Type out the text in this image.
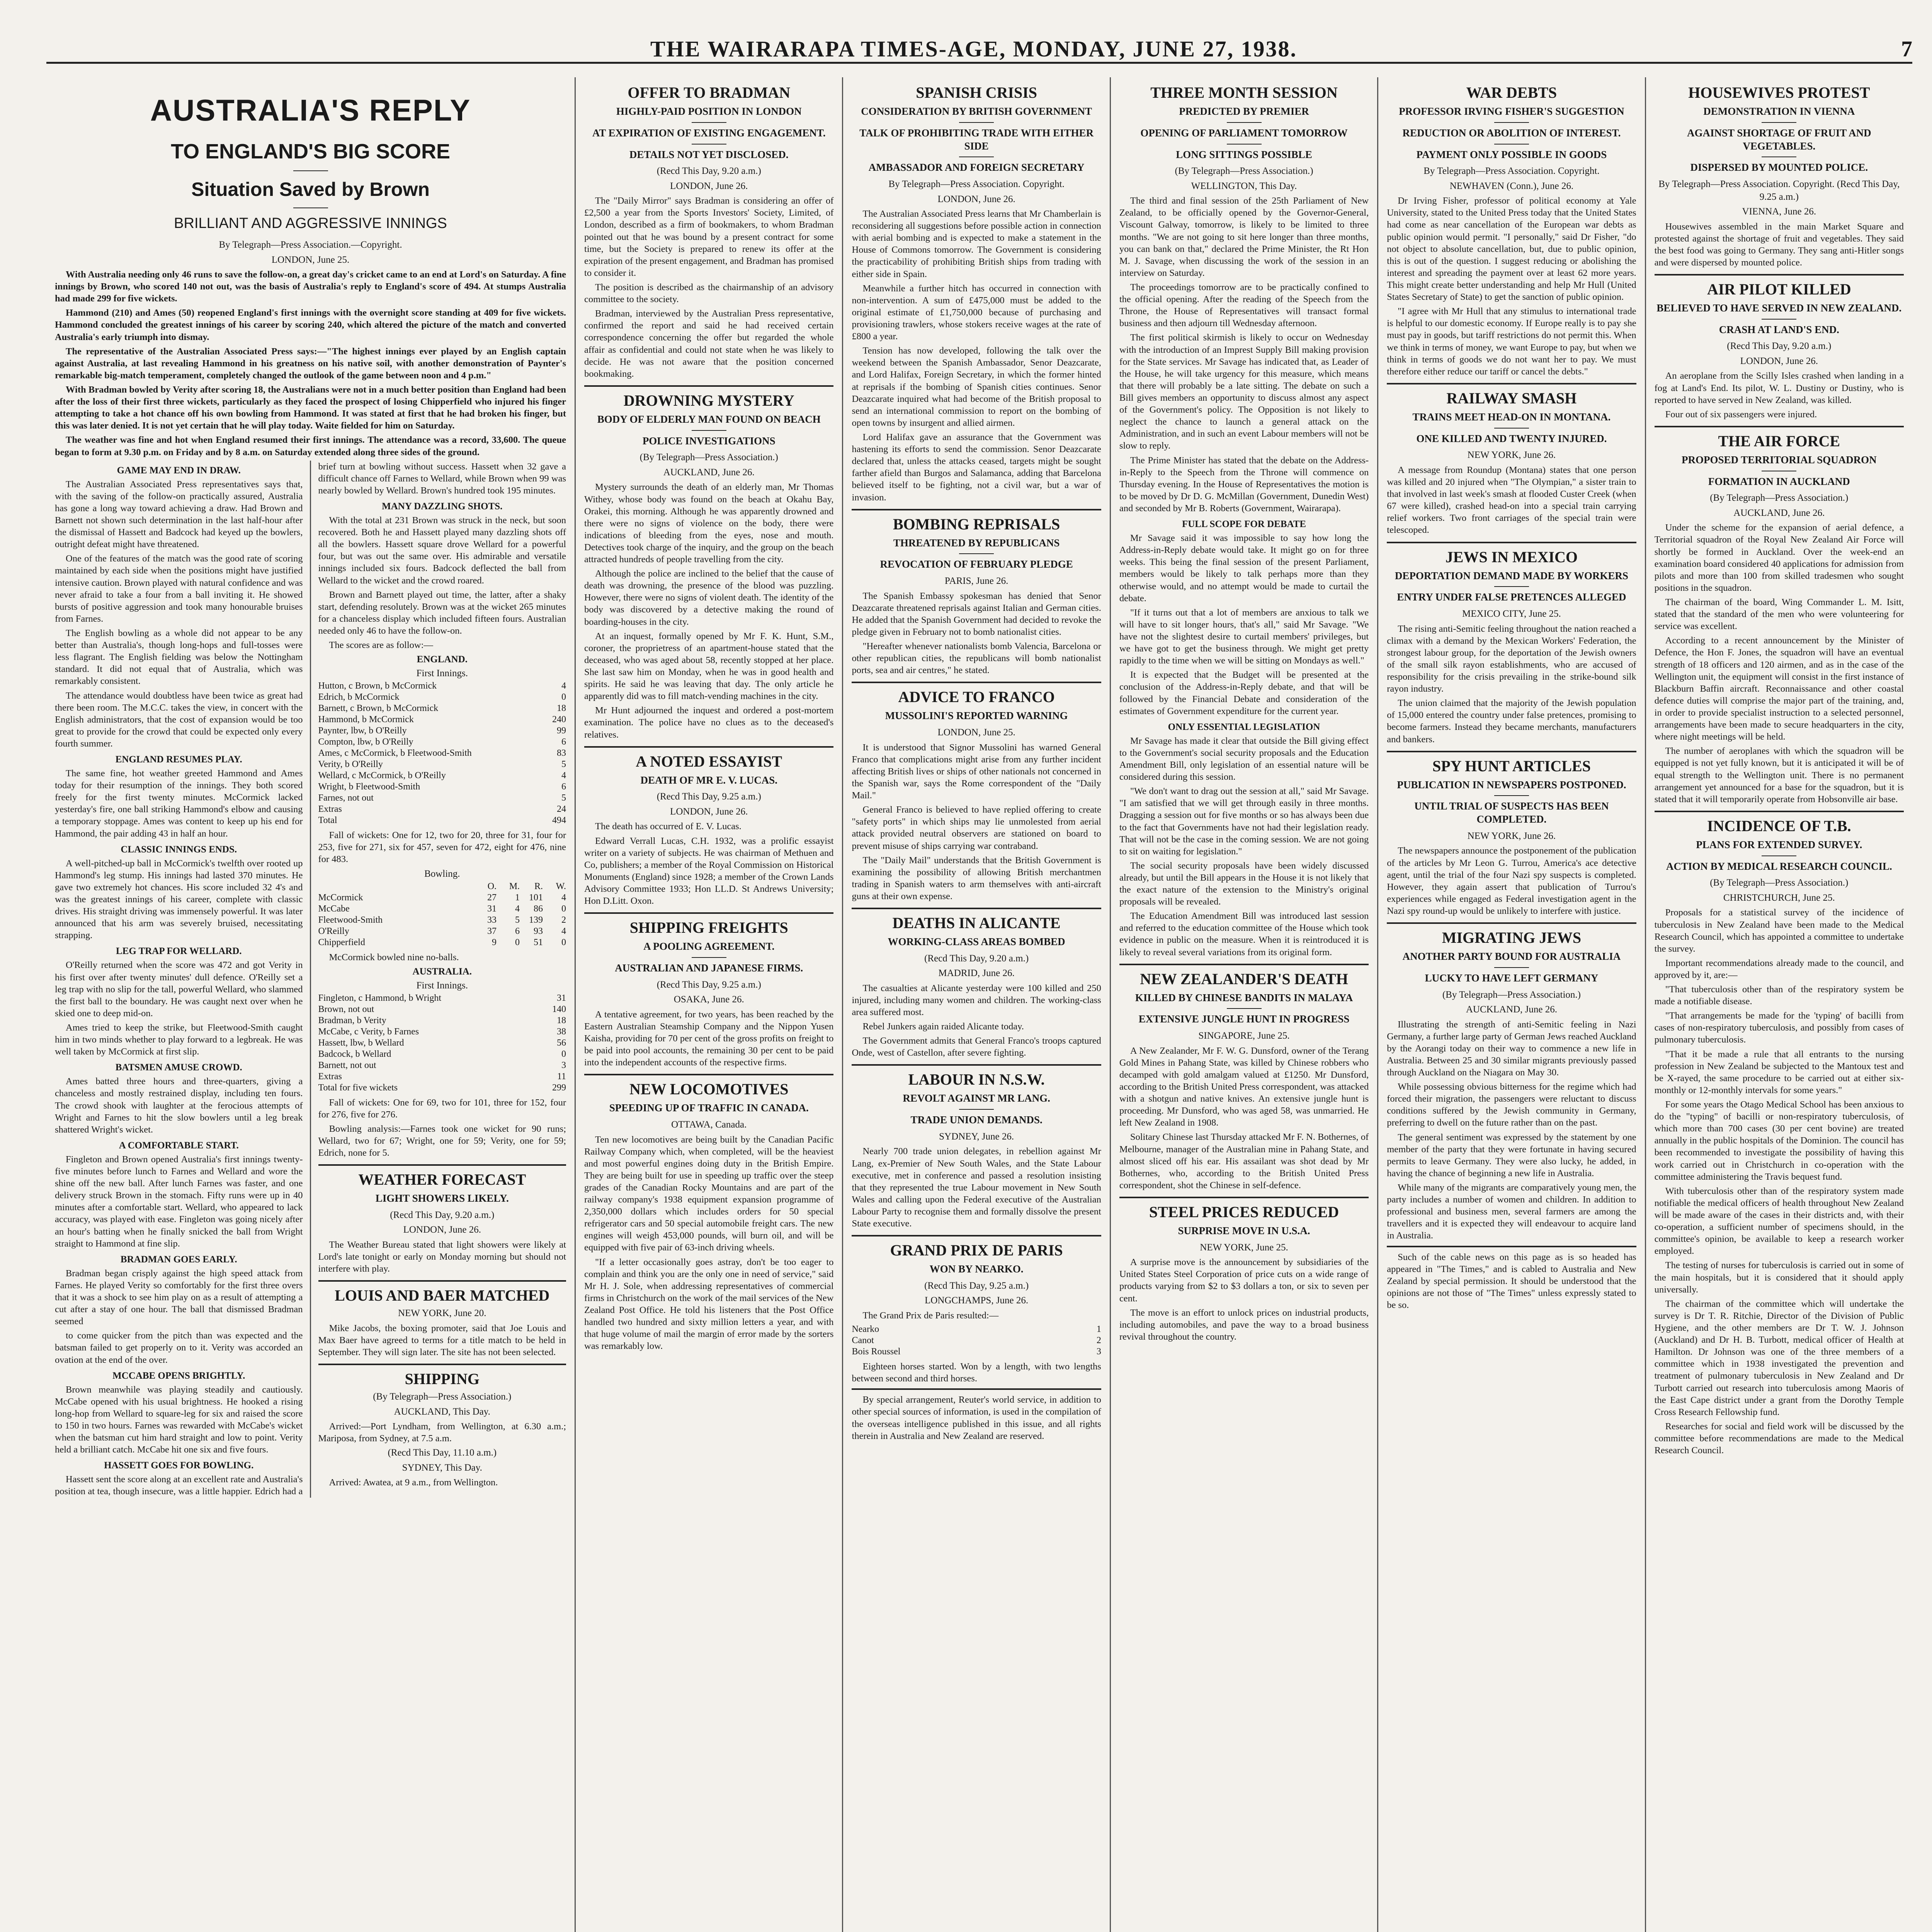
THE WAIRARAPA TIMES-AGE, MONDAY, JUNE 27, 1938.	7
AUSTRALIA'S REPLY
TO ENGLAND'S BIG SCORE
Situation Saved by Brown
BRILLIANT AND AGGRESSIVE INNINGS
By Telegraph—Press Association.—Copyright.
LONDON, June 25.

With Australia needing only 46 runs to save the follow-on, a great day's cricket came to an end at Lord's on Saturday. A fine innings by Brown, who scored 140 not out, was the basis of Australia's reply to England's score of 494. At stumps Australia had made 299 for five wickets.

Hammond (210) and Ames (50) reopened England's first innings with the overnight score standing at 409 for five wickets. Hammond concluded the greatest innings of his career by scoring 240, which altered the picture of the match and converted Australia's early triumph into dismay.

The representative of the Australian Associated Press says:—"The highest innings ever played by an English captain against Australia, at last revealing Hammond in his greatness on his native soil, with another demonstration of Paynter's remarkable big-match temperament, completely changed the outlook of the game between noon and 4 p.m."

With Bradman bowled by Verity after scoring 18, the Australians were not in a much better position than England had been after the loss of their first three wickets, particularly as they faced the prospect of losing Chipperfield who injured his finger attempting to take a hot chance off his own bowling from Hammond. It was stated at first that he had broken his finger, but this was later denied. It is not yet certain that he will play today. Waite fielded for him on Saturday.

The weather was fine and hot when England resumed their first innings. The attendance was a record, 33,600. The queue began to form at 9.30 p.m. on Friday and by 8 a.m. on Saturday extended along three sides of the ground.

GAME MAY END IN DRAW.

The Australian Associated Press representatives says that, with the saving of the follow-on practically assured, Australia has gone a long way toward achieving a draw. Had Brown and Barnett not shown such determination in the last half-hour after the dismissal of Hassett and Badcock had keyed up the bowlers, outright defeat might have threatened.

One of the features of the match was the good rate of scoring maintained by each side when the positions might have justified intensive caution. Brown played with natural confidence and was never afraid to take a four from a ball inviting it. He showed bursts of positive aggression and took many honourable bruises from Farnes.

The English bowling as a whole did not appear to be any better than Australia's, though long-hops and full-tosses were less flagrant. The English fielding was below the Nottingham standard. It did not equal that of Australia, which was remarkably consistent.

The attendance would doubtless have been twice as great had there been room. The M.C.C. takes the view, in concert with the English administrators, that the cost of expansion would be too great to provide for the crowd that could be expected only every fourth summer.

ENGLAND RESUMES PLAY.

The same fine, hot weather greeted Hammond and Ames today for their resumption of the innings. They both scored freely for the first twenty minutes. McCormick lacked yesterday's fire, one ball striking Hammond's elbow and causing a temporary stoppage. Ames was content to keep up his end for Hammond, the pair adding 43 in half an hour.

CLASSIC INNINGS ENDS.

A well-pitched-up ball in McCormick's twelfth over rooted up Hammond's leg stump. His innings had lasted 370 minutes. He gave two extremely hot chances. His score included 32 4's and was the greatest innings of his career, complete with classic drives. His straight driving was immensely powerful. It was later announced that his arm was severely bruised, necessitating strapping.

LEG TRAP FOR WELLARD.

O'Reilly returned when the score was 472 and got Verity in his first over after twenty minutes' dull defence. O'Reilly set a leg trap with no slip for the tall, powerful Wellard, who slammed the first ball to the boundary. He was caught next over when he skied one to deep mid-on.

Ames tried to keep the strike, but Fleetwood-Smith caught him in two minds whether to play forward to a legbreak. He was well taken by McCormick at first slip.

BATSMEN AMUSE CROWD.

Ames batted three hours and three-quarters, giving a chanceless and mostly restrained display, including ten fours. The crowd shook with laughter at the ferocious attempts of Wright and Farnes to hit the slow bowlers until a leg break shattered Wright's wicket.

A COMFORTABLE START.

Fingleton and Brown opened Australia's first innings twenty-five minutes before lunch to Farnes and Wellard and wore the shine off the new ball. After lunch Farnes was faster, and one delivery struck Brown in the stomach. Fifty runs were up in 40 minutes after a comfortable start. Wellard, who appeared to lack accuracy, was played with ease. Fingleton was going nicely after an hour's batting when he finally snicked the ball from Wright straight to Hammond at fine slip.

BRADMAN GOES EARLY.

Bradman began crisply against the high speed attack from Farnes. He played Verity so comfortably for the first three overs that it was a shock to see him play on as a result of attempting a cut after a stay of one hour. The ball that dismissed Bradman seemed

to come quicker from the pitch than was expected and the batsman failed to get properly on to it. Verity was accorded an ovation at the end of the over.

MCCABE OPENS BRIGHTLY.

Brown meanwhile was playing steadily and cautiously. McCabe opened with his usual brightness. He hooked a rising long-hop from Wellard to square-leg for six and raised the score to 150 in two hours. Farnes was rewarded with McCabe's wicket when the batsman cut him hard straight and low to point. Verity held a brilliant catch. McCabe hit one six and five fours.

HASSETT GOES FOR BOWLING.

Hassett sent the score along at an excellent rate and Australia's position at tea, though insecure, was a little happier. Edrich had a brief turn at bowling without success. Hassett when 32 gave a difficult chance off Farnes to Wellard, while Brown when 99 was nearly bowled by Wellard. Brown's hundred took 195 minutes.

MANY DAZZLING SHOTS.

With the total at 231 Brown was struck in the neck, but soon recovered. Both he and Hassett played many dazzling shots off all the bowlers. Hassett square drove Wellard for a powerful four, but was out the same over. His admirable and versatile innings included six fours. Badcock deflected the ball from Wellard to the wicket and the crowd roared.

Brown and Barnett played out time, the latter, after a shaky start, defending resolutely. Brown was at the wicket 265 minutes for a chanceless display which included fifteen fours. Australian needed only 46 to have the follow-on.

The scores are as follow:—

ENGLAND.
First Innings.
Hutton, c Brown, b McCormick	4
Edrich, b McCormick	0
Barnett, c Brown, b McCormick	18
Hammond, b McCormick	240
Paynter, lbw, b O'Reilly	99
Compton, lbw, b O'Reilly	6
Ames, c McCormick, b Fleetwood-Smith	83
Verity, b O'Reilly	5
Wellard, c McCormick, b O'Reilly	4
Wright, b Fleetwood-Smith	6
Farnes, not out	5
Extras	24
Total	494

Fall of wickets: One for 12, two for 20, three for 31, four for 253, five for 271, six for 457, seven for 472, eight for 476, nine for 483.

Bowling.
	O.	M.	R.	W.
McCormick	27	1	101	4
McCabe	31	4	86	0
Fleetwood-Smith	33	5	139	2
O'Reilly	37	6	93	4
Chipperfield	9	0	51	0

McCormick bowled nine no-balls.

AUSTRALIA.
First Innings.
Fingleton, c Hammond, b Wright	31
Brown, not out	140
Bradman, b Verity	18
McCabe, c Verity, b Farnes	38
Hassett, lbw, b Wellard	56
Badcock, b Wellard	0
Barnett, not out	3
Extras	11
Total for five wickets	299

Fall of wickets: One for 69, two for 101, three for 152, four for 276, five for 276.

Bowling analysis:—Farnes took one wicket for 90 runs; Wellard, two for 67; Wright, one for 59; Verity, one for 59; Edrich, none for 5.

WEATHER FORECAST
LIGHT SHOWERS LIKELY.
(Recd This Day, 9.20 a.m.)
LONDON, June 26.

The Weather Bureau stated that light showers were likely at Lord's late tonight or early on Monday morning but should not interfere with play.

LOUIS AND BAER MATCHED
NEW YORK, June 20.

Mike Jacobs, the boxing promoter, said that Joe Louis and Max Baer have agreed to terms for a title match to be held in September. They will sign later. The site has not been selected.

SHIPPING
(By Telegraph—Press Association.)
AUCKLAND, This Day.

Arrived:—Port Lyndham, from Wellington, at 6.30 a.m.; Mariposa, from Sydney, at 7.5 a.m.

(Recd This Day, 11.10 a.m.)
SYDNEY, This Day.

Arrived: Awatea, at 9 a.m., from Wellington.

OFFER TO BRADMAN
HIGHLY-PAID POSITION IN LONDON
AT EXPIRATION OF EXISTING ENGAGEMENT.
DETAILS NOT YET DISCLOSED.
(Recd This Day, 9.20 a.m.)
LONDON, June 26.

The "Daily Mirror" says Bradman is considering an offer of £2,500 a year from the Sports Investors' Society, Limited, of London, described as a firm of bookmakers, to whom Bradman pointed out that he was bound by a present contract for some time, but the Society is prepared to renew its offer at the expiration of the present engagement, and Bradman has promised to consider it.

The position is described as the chairmanship of an advisory committee to the society.

Bradman, interviewed by the Australian Press representative, confirmed the report and said he had received certain correspondence concerning the offer but regarded the whole affair as confidential and could not state when he was likely to decide. He was not aware that the position concerned bookmaking.

DROWNING MYSTERY
BODY OF ELDERLY MAN FOUND ON BEACH
POLICE INVESTIGATIONS
(By Telegraph—Press Association.)
AUCKLAND, June 26.

Mystery surrounds the death of an elderly man, Mr Thomas Withey, whose body was found on the beach at Okahu Bay, Orakei, this morning. Although he was apparently drowned and there were no signs of violence on the body, there were indications of bleeding from the eyes, nose and mouth. Detectives took charge of the inquiry, and the group on the beach attracted hundreds of people travelling from the city.

Although the police are inclined to the belief that the cause of death was drowning, the presence of the blood was puzzling. However, there were no signs of violent death. The identity of the body was discovered by a detective making the round of boarding-houses in the city.

At an inquest, formally opened by Mr F. K. Hunt, S.M., coroner, the proprietress of an apartment-house stated that the deceased, who was aged about 58, recently stopped at her place. She last saw him on Monday, when he was in good health and spirits. He said he was leaving that day. The only article he apparently did was to fill match-vending machines in the city.

Mr Hunt adjourned the inquest and ordered a post-mortem examination. The police have no clues as to the deceased's relatives.

A NOTED ESSAYIST
DEATH OF MR E. V. LUCAS.
(Recd This Day, 9.25 a.m.)
LONDON, June 26.

The death has occurred of E. V. Lucas.

Edward Verrall Lucas, C.H. 1932, was a prolific essayist writer on a variety of subjects. He was chairman of Methuen and Co, publishers; a member of the Royal Commission on Historical Monuments (England) since 1928; a member of the Crown Lands Advisory Committee 1933; Hon LL.D. St Andrews University; Hon D.Litt. Oxon.

SHIPPING FREIGHTS
A POOLING AGREEMENT.
AUSTRALIAN AND JAPANESE FIRMS.
(Recd This Day, 9.25 a.m.)
OSAKA, June 26.

A tentative agreement, for two years, has been reached by the Eastern Australian Steamship Company and the Nippon Yusen Kaisha, providing for 70 per cent of the gross profits on freight to be paid into pool accounts, the remaining 30 per cent to be paid into the independent accounts of the respective firms.

NEW LOCOMOTIVES
SPEEDING UP OF TRAFFIC IN CANADA.
OTTAWA, Canada.

Ten new locomotives are being built by the Canadian Pacific Railway Company which, when completed, will be the heaviest and most powerful engines doing duty in the British Empire. They are being built for use in speeding up traffic over the steep grades of the Canadian Rocky Mountains and are part of the railway company's 1938 equipment expansion programme of 2,350,000 dollars which includes orders for 50 special refrigerator cars and 50 special automobile freight cars. The new engines will weigh 453,000 pounds, will burn oil, and will be equipped with five pair of 63-inch driving wheels.

"If a letter occasionally goes astray, don't be too eager to complain and think you are the only one in need of service," said Mr H. J. Sole, when addressing representatives of commercial firms in Christchurch on the work of the mail services of the New Zealand Post Office. He told his listeners that the Post Office handled two hundred and sixty million letters a year, and with that huge volume of mail the margin of error made by the sorters was remarkably low.

SPANISH CRISIS
CONSIDERATION BY BRITISH GOVERNMENT
TALK OF PROHIBITING TRADE WITH EITHER SIDE
AMBASSADOR AND FOREIGN SECRETARY
By Telegraph—Press Association. Copyright.
LONDON, June 26.

The Australian Associated Press learns that Mr Chamberlain is reconsidering all suggestions before possible action in connection with aerial bombing and is expected to make a statement in the House of Commons tomorrow. The Government is considering the practicability of prohibiting British ships from trading with either side in Spain.

Meanwhile a further hitch has occurred in connection with non-intervention. A sum of £475,000 must be added to the original estimate of £1,750,000 because of purchasing and provisioning trawlers, whose stokers receive wages at the rate of £800 a year.

Tension has now developed, following the talk over the weekend between the Spanish Ambassador, Senor Deazcarate, and Lord Halifax, Foreign Secretary, in which the former hinted at reprisals if the bombing of Spanish cities continues. Senor Deazcarate inquired what had become of the British proposal to send an international commission to report on the bombing of open towns by insurgent and allied airmen.

Lord Halifax gave an assurance that the Government was hastening its efforts to send the commission. Senor Deazcarate declared that, unless the attacks ceased, targets might be sought farther afield than Burgos and Salamanca, adding that Barcelona believed itself to be fighting, not a civil war, but a war of invasion.

BOMBING REPRISALS
THREATENED BY REPUBLICANS
REVOCATION OF FEBRUARY PLEDGE
PARIS, June 26.

The Spanish Embassy spokesman has denied that Senor Deazcarate threatened reprisals against Italian and German cities. He added that the Spanish Government had decided to revoke the pledge given in February not to bomb nationalist cities.

"Hereafter whenever nationalists bomb Valencia, Barcelona or other republican cities, the republicans will bomb nationalist ports, sea and air centres," he stated.

ADVICE TO FRANCO
MUSSOLINI'S REPORTED WARNING
LONDON, June 25.

It is understood that Signor Mussolini has warned General Franco that complications might arise from any further incident affecting British lives or ships of other nationals not concerned in the Spanish war, says the Rome correspondent of the "Daily Mail."

General Franco is believed to have replied offering to create "safety ports" in which ships may lie unmolested from aerial attack provided neutral observers are stationed on board to prevent misuse of ships carrying war contraband.

The "Daily Mail" understands that the British Government is examining the possibility of allowing British merchantmen trading in Spanish waters to arm themselves with anti-aircraft guns at their own expense.

DEATHS IN ALICANTE
WORKING-CLASS AREAS BOMBED
(Recd This Day, 9.20 a.m.)
MADRID, June 26.

The casualties at Alicante yesterday were 100 killed and 250 injured, including many women and children. The working-class area suffered most.

Rebel Junkers again raided Alicante today.

The Government admits that General Franco's troops captured Onde, west of Castellon, after severe fighting.

LABOUR IN N.S.W.
REVOLT AGAINST MR LANG.
TRADE UNION DEMANDS.
SYDNEY, June 26.

Nearly 700 trade union delegates, in rebellion against Mr Lang, ex-Premier of New South Wales, and the State Labour executive, met in conference and passed a resolution insisting that they represented the true Labour movement in New South Wales and calling upon the Federal executive of the Australian Labour Party to recognise them and formally dissolve the present State executive.

GRAND PRIX DE PARIS
WON BY NEARKO.
(Recd This Day, 9.25 a.m.)
LONGCHAMPS, June 26.

The Grand Prix de Paris resulted:—

Nearko	1
Canot	2
Bois Roussel	3

Eighteen horses started. Won by a length, with two lengths between second and third horses.

By special arrangement, Reuter's world service, in addition to other special sources of information, is used in the compilation of the overseas intelligence published in this issue, and all rights therein in Australia and New Zealand are reserved.

THREE MONTH SESSION
PREDICTED BY PREMIER
OPENING OF PARLIAMENT TOMORROW
LONG SITTINGS POSSIBLE
(By Telegraph—Press Association.)
WELLINGTON, This Day.

The third and final session of the 25th Parliament of New Zealand, to be officially opened by the Governor-General, Viscount Galway, tomorrow, is likely to be limited to three months. "We are not going to sit here longer than three months, you can bank on that," declared the Prime Minister, the Rt Hon M. J. Savage, when discussing the work of the session in an interview on Saturday.

The proceedings tomorrow are to be practically confined to the official opening. After the reading of the Speech from the Throne, the House of Representatives will transact formal business and then adjourn till Wednesday afternoon.

The first political skirmish is likely to occur on Wednesday with the introduction of an Imprest Supply Bill making provision for the State services. Mr Savage has indicated that, as Leader of the House, he will take urgency for this measure, which means that there will probably be a late sitting. The debate on such a Bill gives members an opportunity to discuss almost any aspect of the Government's policy. The Opposition is not likely to neglect the chance to launch a general attack on the Administration, and in such an event Labour members will not be slow to reply.

The Prime Minister has stated that the debate on the Address-in-Reply to the Speech from the Throne will commence on Thursday evening. In the House of Representatives the motion is to be moved by Dr D. G. McMillan (Government, Dunedin West) and seconded by Mr B. Roberts (Government, Wairarapa).

FULL SCOPE FOR DEBATE

Mr Savage said it was impossible to say how long the Address-in-Reply debate would take. It might go on for three weeks. This being the final session of the present Parliament, members would be likely to talk perhaps more than they otherwise would, and no attempt would be made to curtail the debate.

"If it turns out that a lot of members are anxious to talk we will have to sit longer hours, that's all," said Mr Savage. "We have not the slightest desire to curtail members' privileges, but we have got to get the business through. We might get pretty rapidly to the time when we will be sitting on Mondays as well."

It is expected that the Budget will be presented at the conclusion of the Address-in-Reply debate, and that will be followed by the Financial Debate and consideration of the estimates of Government expenditure for the current year.

ONLY ESSENTIAL LEGISLATION

Mr Savage has made it clear that outside the Bill giving effect to the Government's social security proposals and the Education Amendment Bill, only legislation of an essential nature will be considered during this session.

"We don't want to drag out the session at all," said Mr Savage. "I am satisfied that we will get through easily in three months. Dragging a session out for five months or so has always been due to the fact that Governments have not had their legislation ready. That will not be the case in the coming session. We are not going to sit on waiting for legislation."

The social security proposals have been widely discussed already, but until the Bill appears in the House it is not likely that the exact nature of the extension to the Ministry's original proposals will be revealed.

The Education Amendment Bill was introduced last session and referred to the education committee of the House which took evidence in public on the measure. When it is reintroduced it is likely to reveal several variations from its original form.

NEW ZEALANDER'S DEATH
KILLED BY CHINESE BANDITS IN MALAYA
EXTENSIVE JUNGLE HUNT IN PROGRESS
SINGAPORE, June 25.

A New Zealander, Mr F. W. G. Dunsford, owner of the Terang Gold Mines in Pahang State, was killed by Chinese robbers who decamped with gold amalgam valued at £1250. Mr Dunsford, according to the British United Press correspondent, was attacked with a shotgun and native knives. An extensive jungle hunt is proceeding. Mr Dunsford, who was aged 58, was unmarried. He left New Zealand in 1908.

Solitary Chinese last Thursday attacked Mr F. N. Bothernes, of Melbourne, manager of the Australian mine in Pahang State, and almost sliced off his ear. His assailant was shot dead by Mr Bothernes, who, according to the British United Press correspondent, shot the Chinese in self-defence.

STEEL PRICES REDUCED
SURPRISE MOVE IN U.S.A.
NEW YORK, June 25.

A surprise move is the announcement by subsidiaries of the United States Steel Corporation of price cuts on a wide range of products varying from $2 to $3 dollars a ton, or six to seven per cent.

The move is an effort to unlock prices on industrial products, including automobiles, and pave the way to a broad business revival throughout the country.

WAR DEBTS
PROFESSOR IRVING FISHER'S SUGGESTION
REDUCTION OR ABOLITION OF INTEREST.
PAYMENT ONLY POSSIBLE IN GOODS
By Telegraph—Press Association. Copyright.
NEWHAVEN (Conn.), June 26.

Dr Irving Fisher, professor of political economy at Yale University, stated to the United Press today that the United States had come as near cancellation of the European war debts as public opinion would permit. "I personally," said Dr Fisher, "do not object to absolute cancellation, but, due to public opinion, this is out of the question. I suggest reducing or abolishing the interest and spreading the payment over at least 62 more years. This might create better understanding and help Mr Hull (United States Secretary of State) to get the sanction of public opinion.

"I agree with Mr Hull that any stimulus to international trade is helpful to our domestic economy. If Europe really is to pay she must pay in goods, but tariff restrictions do not permit this. When we think in terms of money, we want Europe to pay, but when we think in terms of goods we do not want her to pay. We must therefore either reduce our tariff or cancel the debts."

RAILWAY SMASH
TRAINS MEET HEAD-ON IN MONTANA.
ONE KILLED AND TWENTY INJURED.
NEW YORK, June 26.

A message from Roundup (Montana) states that one person was killed and 20 injured when "The Olympian," a sister train to that involved in last week's smash at flooded Custer Creek (when 67 were killed), crashed head-on into a special train carrying relief workers. Two front carriages of the special train were telescoped.

JEWS IN MEXICO
DEPORTATION DEMAND MADE BY WORKERS
ENTRY UNDER FALSE PRETENCES ALLEGED
MEXICO CITY, June 25.

The rising anti-Semitic feeling throughout the nation reached a climax with a demand by the Mexican Workers' Federation, the strongest labour group, for the deportation of the Jewish owners of the small silk rayon establishments, who are accused of responsibility for the crisis prevailing in the strike-bound silk rayon industry.

The union claimed that the majority of the Jewish population of 15,000 entered the country under false pretences, promising to become farmers. Instead they became merchants, manufacturers and bankers.

SPY HUNT ARTICLES
PUBLICATION IN NEWSPAPERS POSTPONED.
UNTIL TRIAL OF SUSPECTS HAS BEEN COMPLETED.
NEW YORK, June 26.

The newspapers announce the postponement of the publication of the articles by Mr Leon G. Turrou, America's ace detective agent, until the trial of the four Nazi spy suspects is completed. However, they again assert that publication of Turrou's experiences while engaged as Federal investigation agent in the Nazi spy round-up would be unlikely to interfere with justice.

MIGRATING JEWS
ANOTHER PARTY BOUND FOR AUSTRALIA
LUCKY TO HAVE LEFT GERMANY
(By Telegraph—Press Association.)
AUCKLAND, June 26.

Illustrating the strength of anti-Semitic feeling in Nazi Germany, a further large party of German Jews reached Auckland by the Aorangi today on their way to commence a new life in Australia. Between 25 and 30 similar migrants previously passed through Auckland on the Niagara on May 30.

While possessing obvious bitterness for the regime which had forced their migration, the passengers were reluctant to discuss conditions suffered by the Jewish community in Germany, preferring to dwell on the future rather than on the past.

The general sentiment was expressed by the statement by one member of the party that they were fortunate in having secured permits to leave Germany. They were also lucky, he added, in having the chance of beginning a new life in Australia.

While many of the migrants are comparatively young men, the party includes a number of women and children. In addition to professional and business men, several farmers are among the travellers and it is expected they will endeavour to acquire land in Australia.

Such of the cable news on this page as is so headed has appeared in "The Times," and is cabled to Australia and New Zealand by special permission. It should be understood that the opinions are not those of "The Times" unless expressly stated to be so.

HOUSEWIVES PROTEST
DEMONSTRATION IN VIENNA
AGAINST SHORTAGE OF FRUIT AND VEGETABLES.
DISPERSED BY MOUNTED POLICE.
By Telegraph—Press Association. Copyright. (Recd This Day, 9.25 a.m.)
VIENNA, June 26.

Housewives assembled in the main Market Square and protested against the shortage of fruit and vegetables. They said the best food was going to Germany. They sang anti-Hitler songs and were dispersed by mounted police.

AIR PILOT KILLED
BELIEVED TO HAVE SERVED IN NEW ZEALAND.
CRASH AT LAND'S END.
(Recd This Day, 9.20 a.m.)
LONDON, June 26.

An aeroplane from the Scilly Isles crashed when landing in a fog at Land's End. Its pilot, W. L. Dustiny or Dustiny, who is reported to have served in New Zealand, was killed.

Four out of six passengers were injured.

THE AIR FORCE
PROPOSED TERRITORIAL SQUADRON
FORMATION IN AUCKLAND
(By Telegraph—Press Association.)
AUCKLAND, June 26.

Under the scheme for the expansion of aerial defence, a Territorial squadron of the Royal New Zealand Air Force will shortly be formed in Auckland. Over the week-end an examination board considered 40 applications for admission from pilots and more than 100 from skilled tradesmen who sought positions in the squadron.

The chairman of the board, Wing Commander L. M. Isitt, stated that the standard of the men who were volunteering for service was excellent.

According to a recent announcement by the Minister of Defence, the Hon F. Jones, the squadron will have an eventual strength of 18 officers and 120 airmen, and as in the case of the Wellington unit, the equipment will consist in the first instance of Blackburn Baffin aircraft. Reconnaissance and other coastal defence duties will comprise the major part of the training, and, in order to provide specialist instruction to a selected personnel, arrangements have been made to secure headquarters in the city, where night meetings will be held.

The number of aeroplanes with which the squadron will be equipped is not yet fully known, but it is anticipated it will be of equal strength to the Wellington unit. There is no permanent arrangement yet announced for a base for the squadron, but it is stated that it will temporarily operate from Hobsonville air base.

INCIDENCE OF T.B.
PLANS FOR EXTENDED SURVEY.
ACTION BY MEDICAL RESEARCH COUNCIL.
(By Telegraph—Press Association.)
CHRISTCHURCH, June 25.

Proposals for a statistical survey of the incidence of tuberculosis in New Zealand have been made to the Medical Research Council, which has appointed a committee to undertake the survey.

Important recommendations already made to the council, and approved by it, are:—

"That tuberculosis other than of the respiratory system be made a notifiable disease.

"That arrangements be made for the 'typing' of bacilli from cases of non-respiratory tuberculosis, and possibly from cases of pulmonary tuberculosis.

"That it be made a rule that all entrants to the nursing profession in New Zealand be subjected to the Mantoux test and be X-rayed, the same procedure to be carried out at either six-monthly or 12-monthly intervals for some years."

For some years the Otago Medical School has been anxious to do the "typing" of bacilli or non-respiratory tuberculosis, of which more than 700 cases (30 per cent bovine) are treated annually in the public hospitals of the Dominion. The council has been recommended to investigate the possibility of having this work carried out in Christchurch in co-operation with the committee administering the Travis bequest fund.

With tuberculosis other than of the respiratory system made notifiable the medical officers of health throughout New Zealand will be made aware of the cases in their districts and, with their co-operation, a sufficient number of specimens should, in the committee's opinion, be available to keep a research worker employed.

The testing of nurses for tuberculosis is carried out in some of the main hospitals, but it is considered that it should apply universally.

The chairman of the committee which will undertake the survey is Dr T. R. Ritchie, Director of the Division of Public Hygiene, and the other members are Dr T. W. J. Johnson (Auckland) and Dr H. B. Turbott, medical officer of Health at Hamilton. Dr Johnson was one of the three members of a committee which in 1938 investigated the prevention and treatment of pulmonary tuberculosis in New Zealand and Dr Turbott carried out research into tuberculosis among Maoris of the East Cape district under a grant from the Dorothy Temple Cross Research Fellowship fund.

Researches for social and field work will be discussed by the committee before recommendations are made to the Medical Research Council.
